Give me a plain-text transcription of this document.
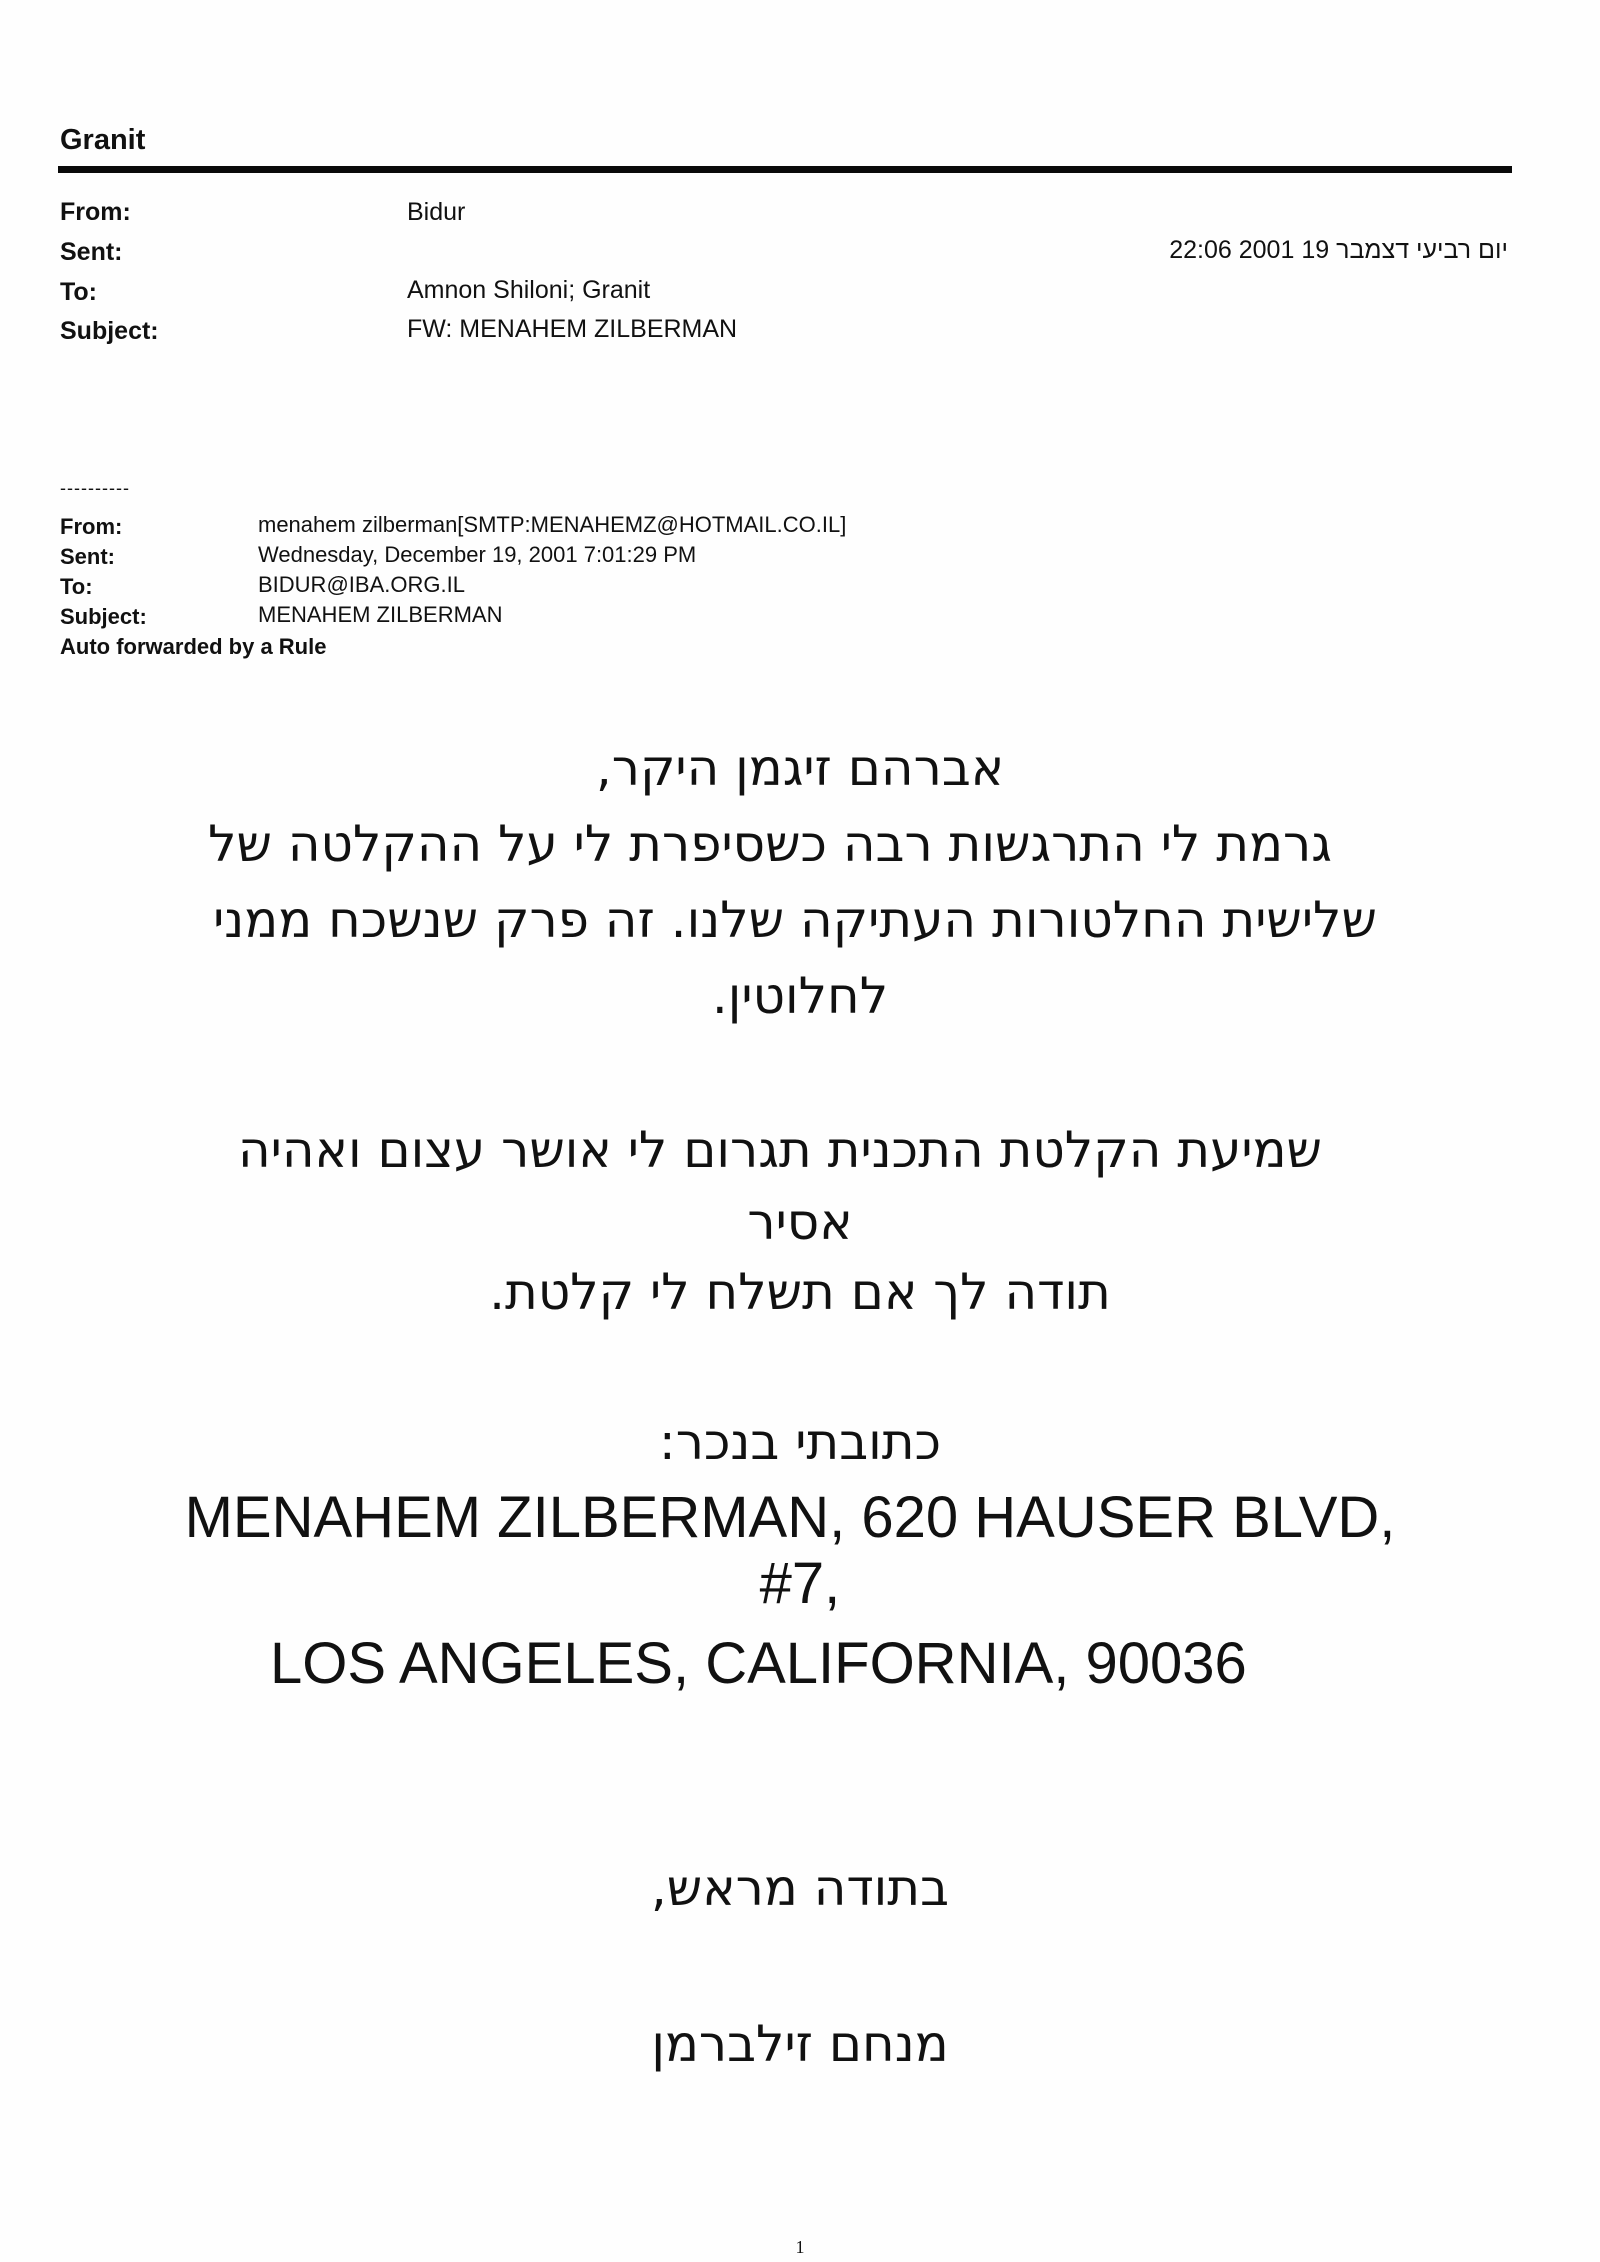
Granit
From:	Bidur
Sent:	יום רביעי דצמבר 19 2001 22:06
To:	Amnon Shiloni; Granit
Subject:	FW: MENAHEM ZILBERMAN
----------
From:	menahem zilberman[SMTP:MENAHEMZ@HOTMAIL.CO.IL]
Sent:	Wednesday, December 19, 2001 7:01:29 PM
To:	BIDUR@IBA.ORG.IL
Subject:	MENAHEM ZILBERMAN
Auto forwarded by a Rule
אברהם זיגמן היקר,
גרמת לי התרגשות רבה כשסיפרת לי על ההקלטה של
שלישית החלטורות העתיקה שלנו. זה פרק שנשכח ממני
לחלוטין.
שמיעת הקלטת התכנית תגרום לי אושר עצום ואהיה
אסיר
תודה לך אם תשלח לי קלטת.
כתובתי בנכר:
MENAHEM ZILBERMAN, 620 HAUSER BLVD,
#7,
LOS ANGELES, CALIFORNIA, 90036
בתודה מראש,
מנחם זילברמן
1
